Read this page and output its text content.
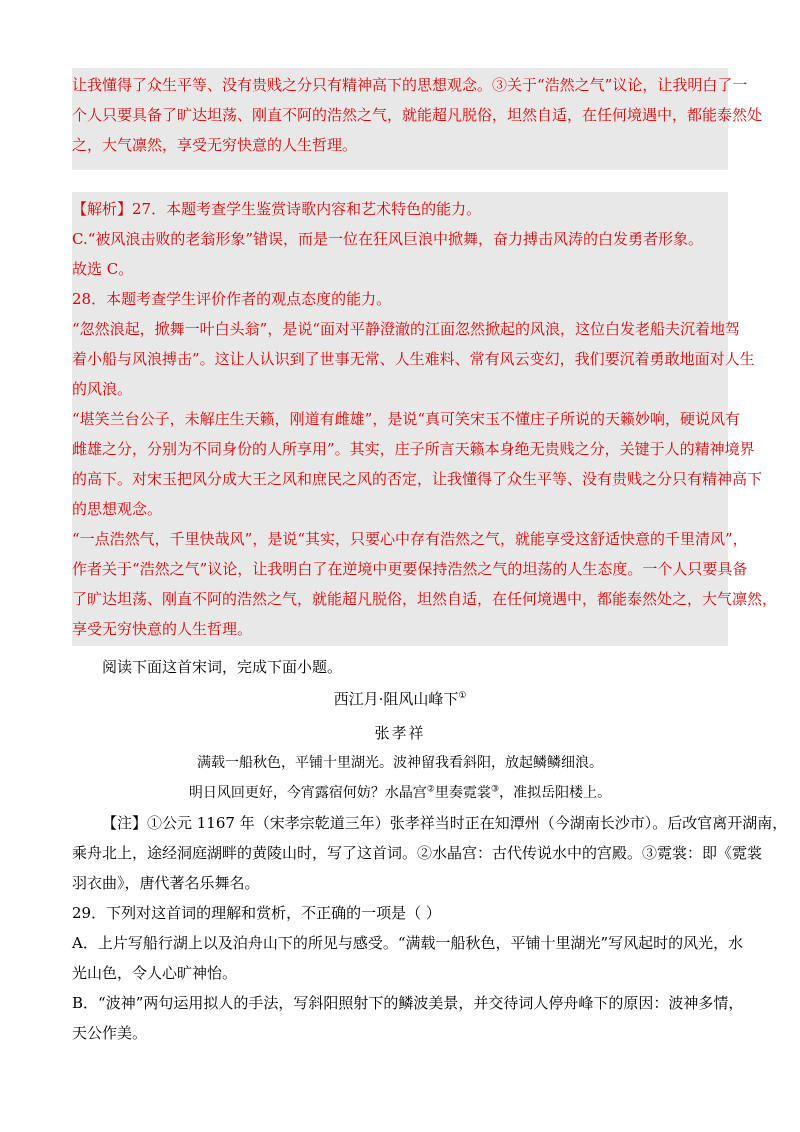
让我懂得了众生平等、没有贵贱之分只有精神高下的思想观念。③关于“浩然之气”议论，让我明白了一
个人只要具备了旷达坦荡、刚直不阿的浩然之气，就能超凡脱俗，坦然自适，在任何境遇中，都能泰然处
之，大气凛然，享受无穷快意的人生哲理。
【解析】27．本题考查学生鉴赏诗歌内容和艺术特色的能力。
C.“被风浪击败的老翁形象”错误，而是一位在狂风巨浪中掀舞，奋力搏击风涛的白发勇者形象。
故选 C。
28．本题考查学生评价作者的观点态度的能力。
“忽然浪起，掀舞一叶白头翁”，是说“面对平静澄澈的江面忽然掀起的风浪，这位白发老船夫沉着地驾
着小船与风浪搏击”。这让人认识到了世事无常、人生难料、常有风云变幻，我们要沉着勇敢地面对人生
的风浪。
“堪笑兰台公子，未解庄生天籁，刚道有雌雄”，是说“真可笑宋玉不懂庄子所说的天籁妙响，硬说风有
雌雄之分，分别为不同身份的人所享用”。其实，庄子所言天籁本身绝无贵贱之分，关键于人的精神境界
的高下。对宋玉把风分成大王之风和庶民之风的否定，让我懂得了众生平等、没有贵贱之分只有精神高下
的思想观念。
“一点浩然气，千里快哉风”，是说“其实，只要心中存有浩然之气，就能享受这舒适快意的千里清风”，
作者关于“浩然之气”议论，让我明白了在逆境中更要保持浩然之气的坦荡的人生态度。一个人只要具备
了旷达坦荡、刚直不阿的浩然之气，就能超凡脱俗，坦然自适，在任何境遇中，都能泰然处之，大气凛然，
享受无穷快意的人生哲理。
阅读下面这首宋词，完成下面小题。
西江月·阻风山峰下①
张孝祥
满载一船秋色，平铺十里湖光。波神留我看斜阳，放起鳞鳞细浪。
明日风回更好，今宵露宿何妨？水晶宫②里奏霓裳③，准拟岳阳楼上。
【注】①公元 1167 年（宋孝宗乾道三年）张孝祥当时正在知潭州（今湖南长沙市）。后改官离开湖南，
乘舟北上，途经洞庭湖畔的黄陵山时，写了这首词。②水晶宫：古代传说水中的宫殿。③霓裳：即《霓裳
羽衣曲》，唐代著名乐舞名。
29．下列对这首词的理解和赏析，不正确的一项是（ ）
A．上片写船行湖上以及泊舟山下的所见与感受。“满载一船秋色，平铺十里湖光”写风起时的风光，水
光山色，令人心旷神怡。
B．“波神”两句运用拟人的手法，写斜阳照射下的鳞波美景，并交待词人停舟峰下的原因：波神多情，
天公作美。
